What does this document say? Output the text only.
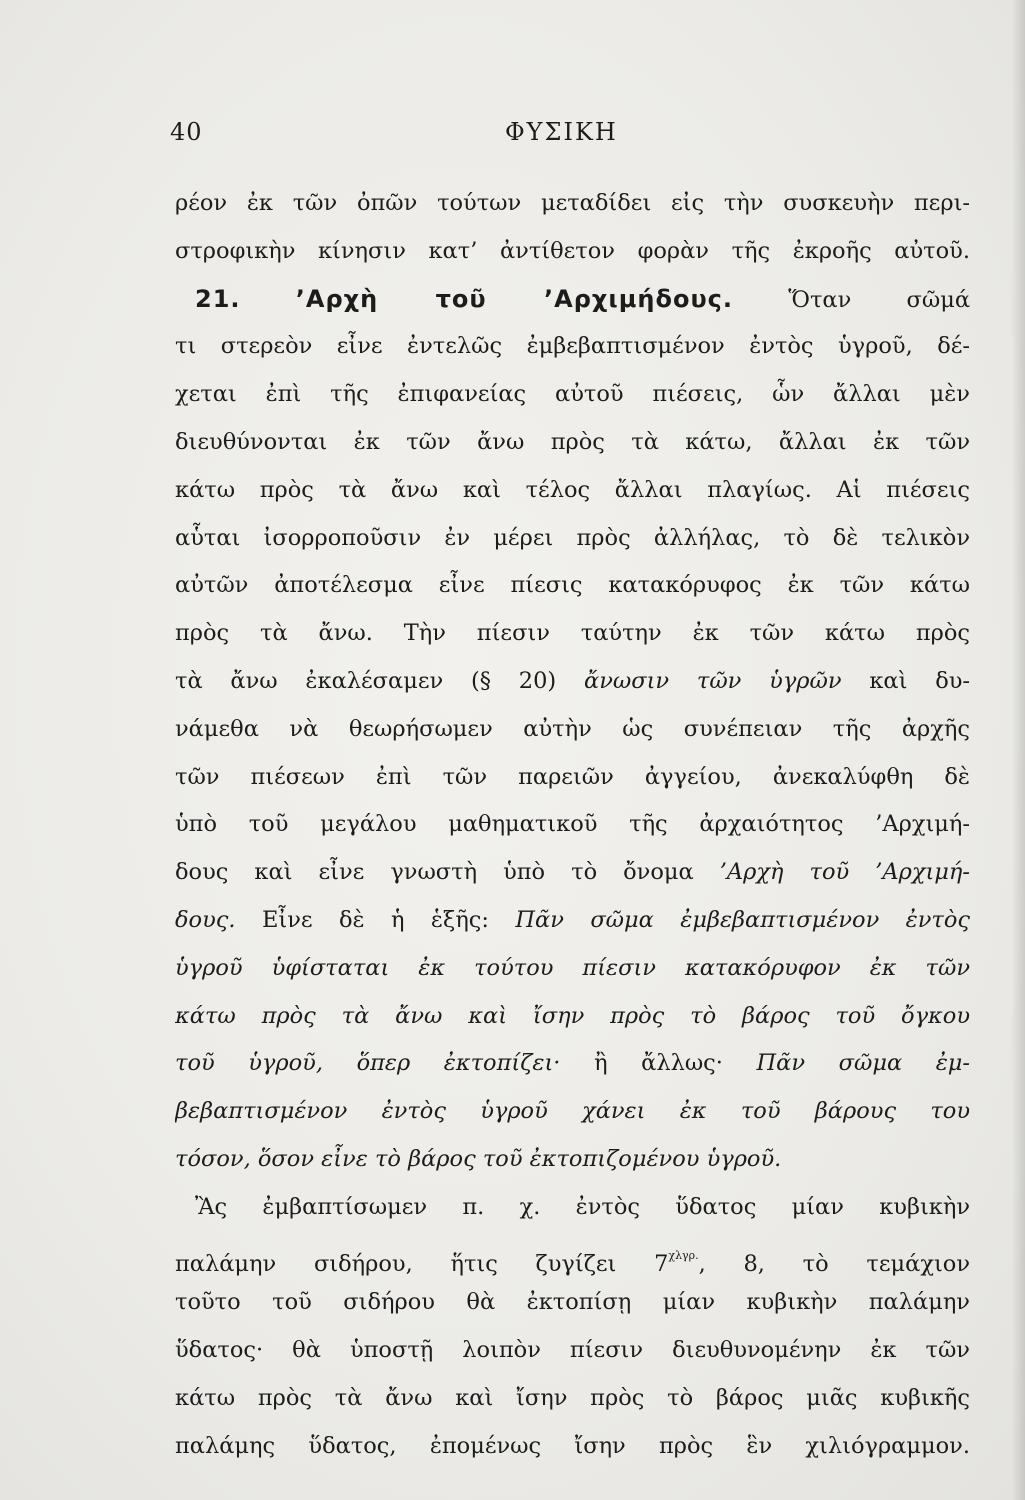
40	ΦΥΣΙΚΗ
ρέον ἐκ τῶν ὀπῶν τούτων μεταδίδει εἰς τὴν συσκευὴν περι-
στροφικὴν κίνησιν κατ’ ἀντίθετον φορὰν τῆς ἐκροῆς αὐτοῦ.
21. ’Αρχὴ τοῦ ’Αρχιμήδους. Ὅταν σῶμά
τι στερεὸν εἶνε ἐντελῶς ἐμβεβαπτισμένον ἐντὸς ὑγροῦ, δέ-
χεται ἐπὶ τῆς ἐπιφανείας αὐτοῦ πιέσεις, ὧν ἄλλαι μὲν
διευθύνονται ἐκ τῶν ἄνω πρὸς τὰ κάτω, ἄλλαι ἐκ τῶν
κάτω πρὸς τὰ ἄνω καὶ τέλος ἄλλαι πλαγίως. Αἱ πιέσεις
αὗται ἰσορροποῦσιν ἐν μέρει πρὸς ἀλλήλας, τὸ δὲ τελικὸν
αὐτῶν ἀποτέλεσμα εἶνε πίεσις κατακόρυφος ἐκ τῶν κάτω
πρὸς τὰ ἄνω. Τὴν πίεσιν ταύτην ἐκ τῶν κάτω πρὸς
τὰ ἄνω ἐκαλέσαμεν (§ 20) ἄνωσιν τῶν ὑγρῶν καὶ δυ-
νάμεθα νὰ θεωρήσωμεν αὐτὴν ὡς συνέπειαν τῆς ἀρχῆς
τῶν πιέσεων ἐπὶ τῶν παρειῶν ἀγγείου, ἀνεκαλύφθη δὲ
ὑπὸ τοῦ μεγάλου μαθηματικοῦ τῆς ἀρχαιότητος ’Αρχιμή-
δους καὶ εἶνε γνωστὴ ὑπὸ τὸ ὄνομα ’Αρχὴ τοῦ ’Αρχιμή-
δους. Εἶνε δὲ ἡ ἑξῆς: Πᾶν σῶμα ἐμβεβαπτισμένον ἐντὸς
ὑγροῦ ὑφίσταται ἐκ τούτου πίεσιν κατακόρυφον ἐκ τῶν
κάτω πρὸς τὰ ἄνω καὶ ἴσην πρὸς τὸ βάρος τοῦ ὄγκου
τοῦ ὑγροῦ, ὅπερ ἐκτοπίζει· ἢ ἄλλως· Πᾶν σῶμα ἐμ-
βεβαπτισμένον ἐντὸς ὑγροῦ χάνει ἐκ τοῦ βάρους του
τόσον, ὅσον εἶνε τὸ βάρος τοῦ ἐκτοπιζομένου ὑγροῦ.
Ἂς ἐμβαπτίσωμεν π. χ. ἐντὸς ὕδατος μίαν κυβικὴν
παλάμην σιδήρου, ἥτις ζυγίζει $7^{\chi\lambda\gamma\rho.}$, 8, τὸ τεμάχιον
τοῦτο τοῦ σιδήρου θὰ ἐκτοπίσῃ μίαν κυβικὴν παλάμην
ὕδατος· θὰ ὑποστῇ λοιπὸν πίεσιν διευθυνομένην ἐκ τῶν
κάτω πρὸς τὰ ἄνω καὶ ἴσην πρὸς τὸ βάρος μιᾶς κυβικῆς
παλάμης ὕδατος, ἐπομένως ἴσην πρὸς ἓν χιλιόγραμμον.
